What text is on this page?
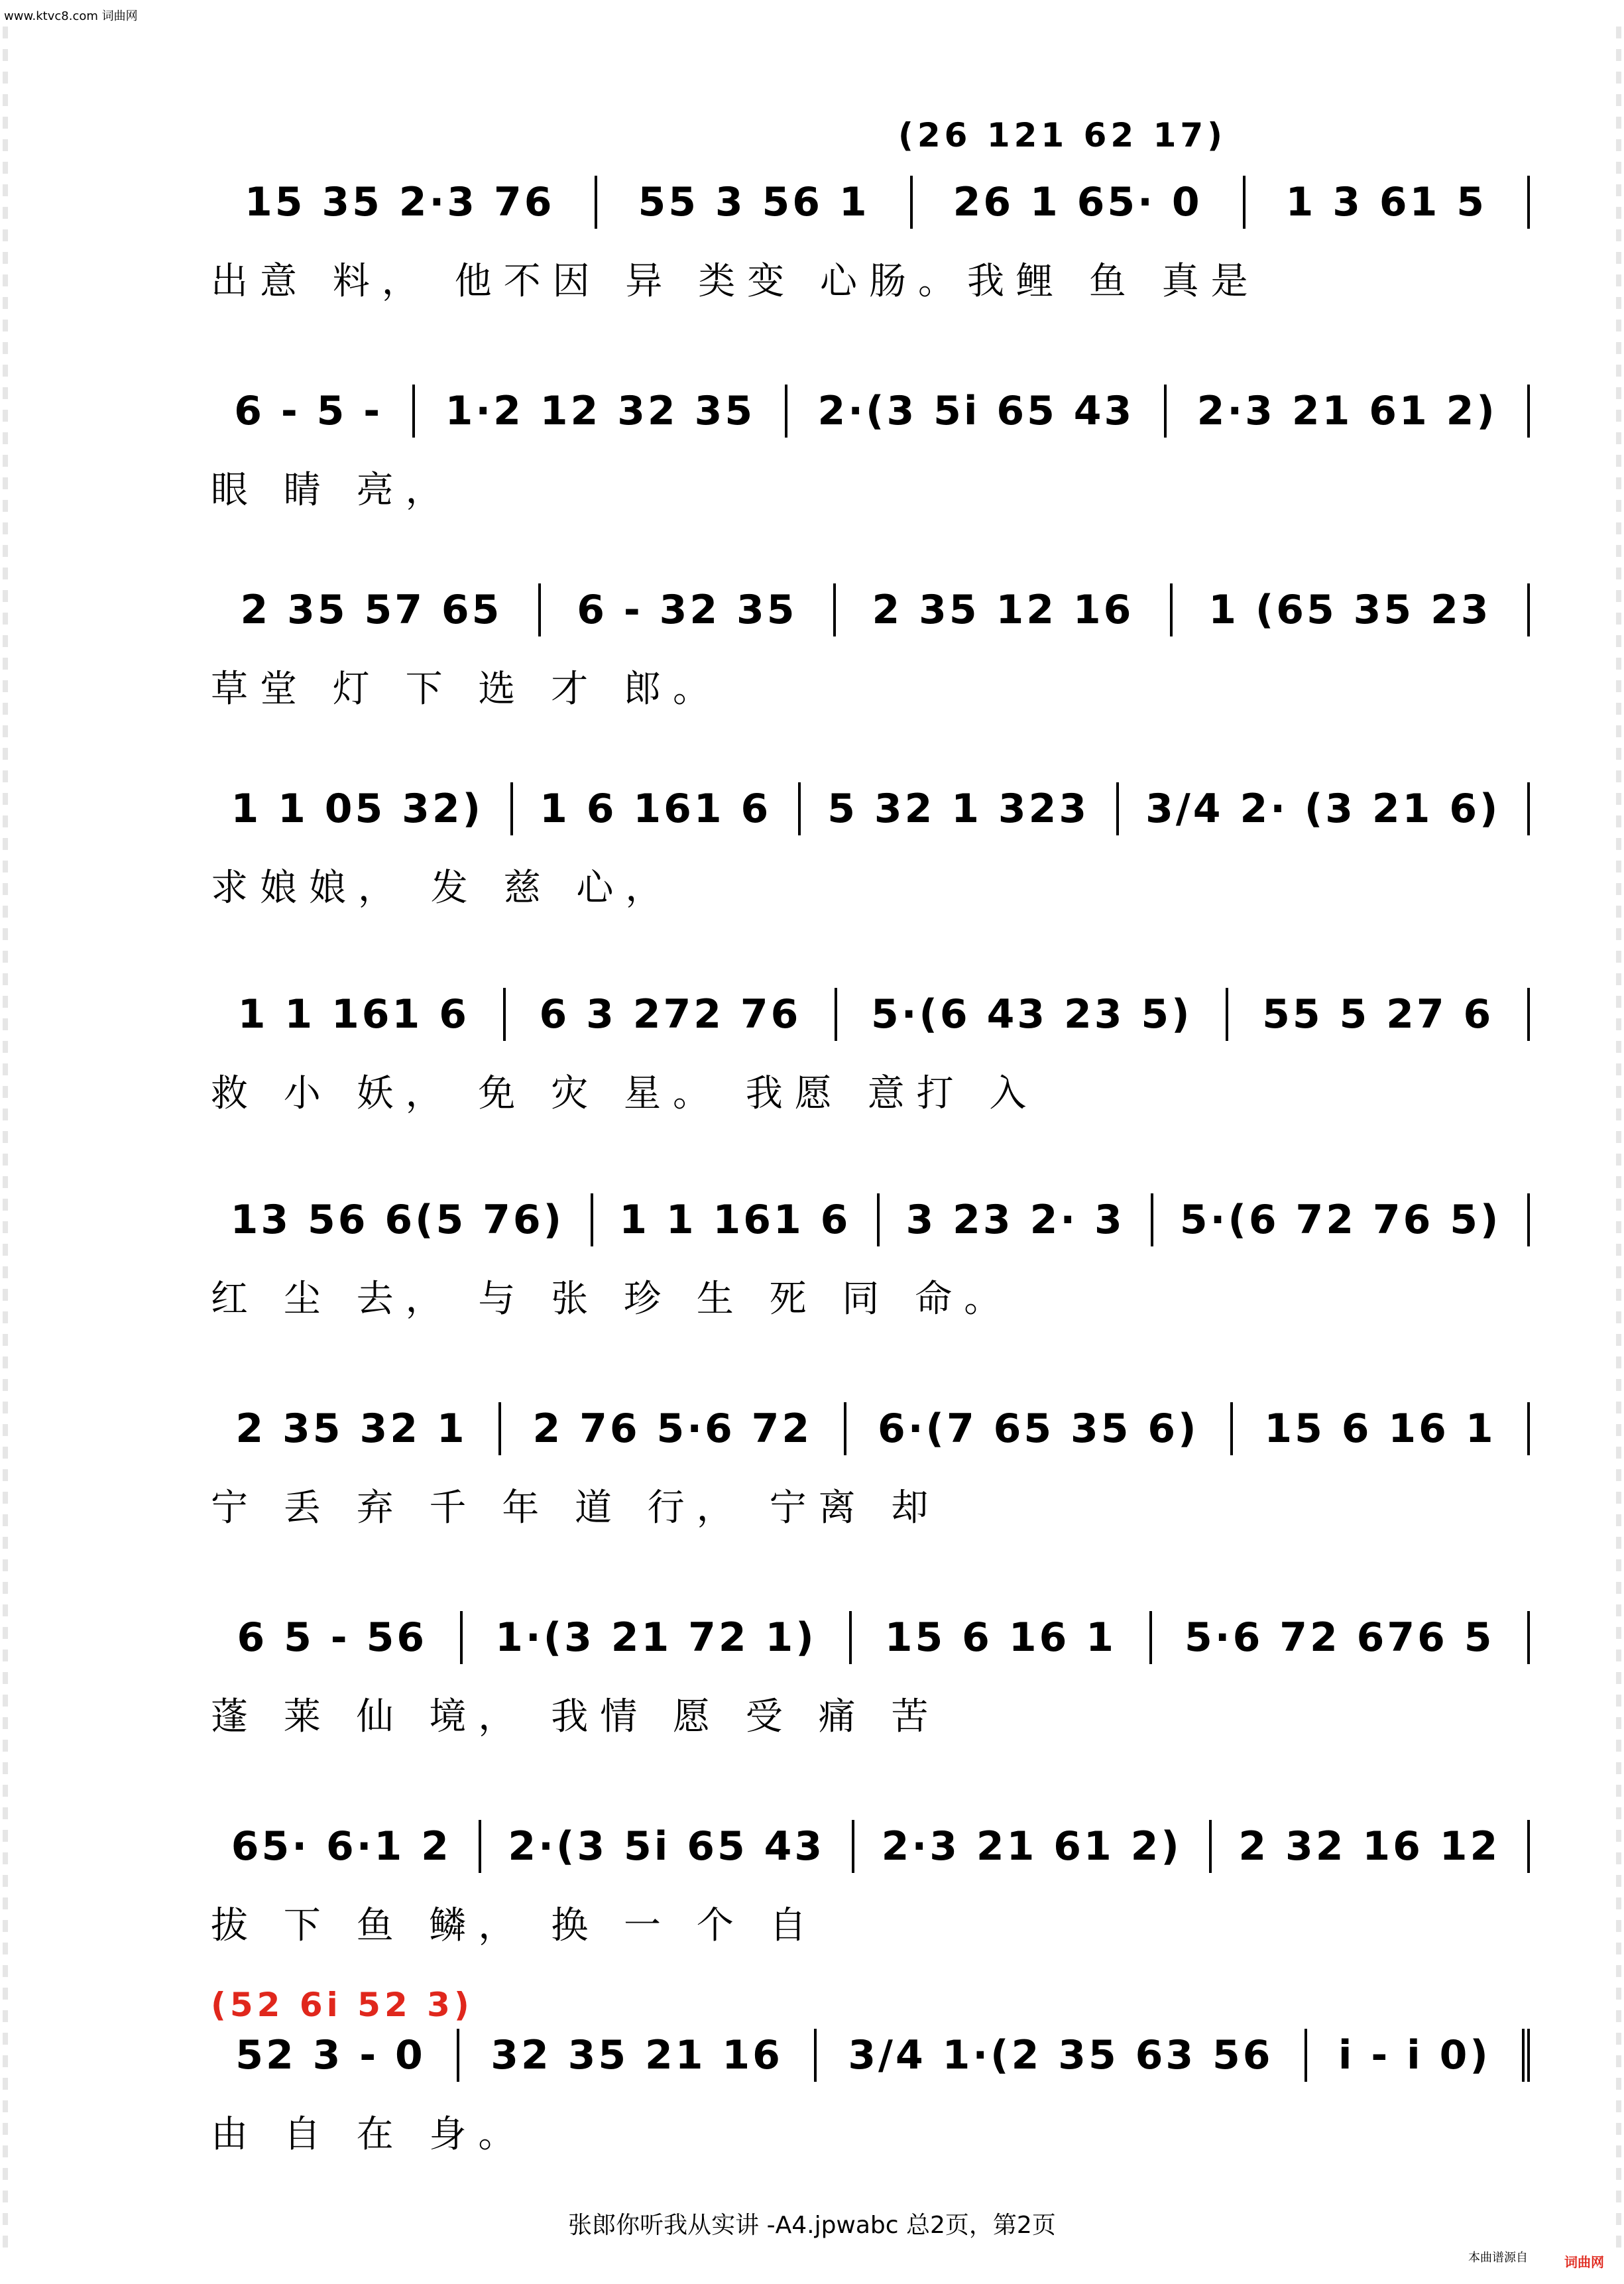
www.ktvc8.com 词曲网
(26 121 62 17)
15 35 2·3 76	55 3 56 1	26 1 65· 0	1 3 61 5
出意 料， 他不因 异 类变 心肠。我鲤 鱼 真是
6 - 5 -	1·2 12 32 35	2·(3 5i 65 43	2·3 21 61 2)
眼 睛 亮，
2 35 57 65	6 - 32 35	2 35 12 16	1 (65 35 23
草堂 灯 下 选 才 郎。
1 1 05 32)	1 6 161 6	5 32 1 323	3/4 2· (3 21 6)
求娘娘， 发 慈 心，
1 1 161 6	6 3 272 76	5·(6 43 23 5)	55 5 27 6
救 小 妖， 免 灾 星。 我愿 意打 入
13 56 6(5 76)	1 1 161 6	3 23 2· 3	5·(6 72 76 5)
红 尘 去， 与 张 珍 生 死 同 命。
2 35 32 1	2 76 5·6 72	6·(7 65 35 6)	15 6 16 1
宁 丢 弃 千 年 道 行， 宁离 却
6 5 - 56	1·(3 21 72 1)	15 6 16 1	5·6 72 676 5
蓬 莱 仙 境， 我情 愿 受 痛 苦
65· 6·1 2	2·(3 5i 65 43	2·3 21 61 2)	2 32 16 12
拔 下 鱼 鳞， 换 一 个 自
52 3 - 0	32 35 21 16	3/4 1·(2 35 63 56	i - i 0)
由 自 在 身。
(52 6i 52 3)
张郎你听我从实讲 -A4.jpwabc 总2页，第2页
本曲谱源自	词曲网
